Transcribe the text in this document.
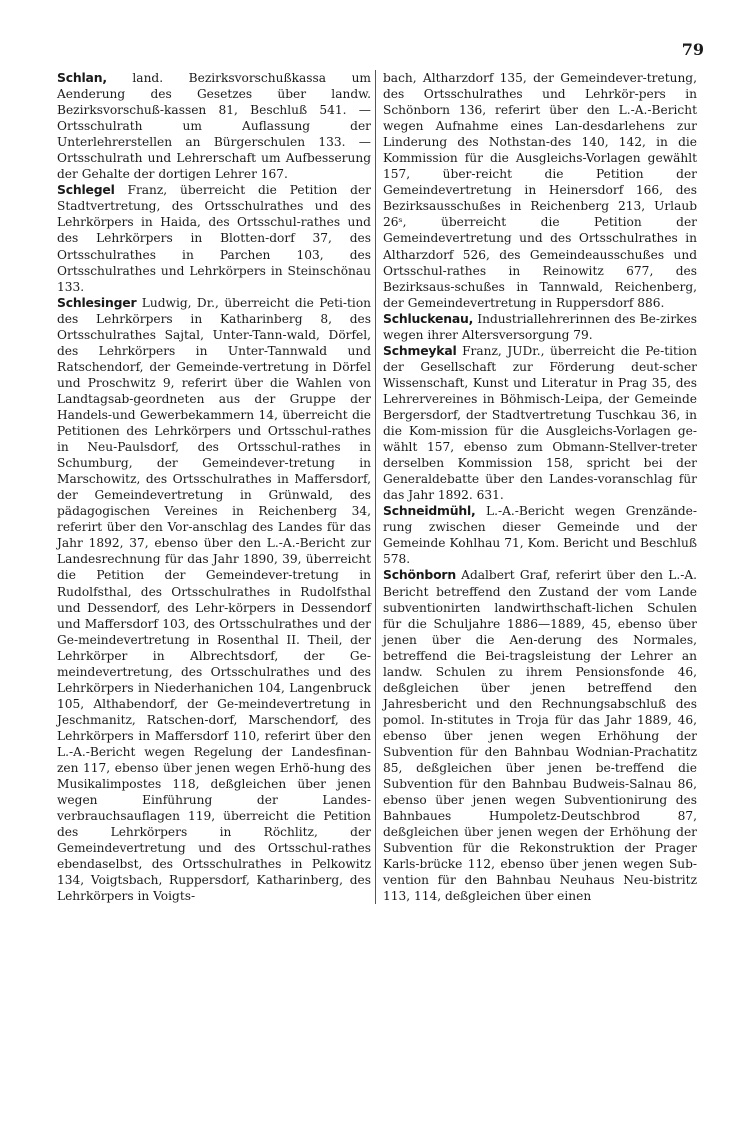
79

Schlan, land. Bezirksvorschußkassa um Aenderung des Gesetzes über landw. Bezirksvorschuß-kassen 81, Beschluß 541. — Ortsschulrath um Auflassung der Unterlehrerstellen an Bürgerschulen 133. — Ortsschulrath und Lehrerschaft um Aufbesserung der Gehalte der dortigen Lehrer 167.

Schlegel Franz, überreicht die Petition der Stadtvertretung, des Ortsschulrathes und des Lehrkörpers in Haida, des Ortsschul-rathes und des Lehrkörpers in Blotten-dorf 37, des Ortsschulrathes in Parchen 103, des Ortsschulrathes und Lehrkörpers in Steinschönau 133.

Schlesinger Ludwig, Dr., überreicht die Peti-tion des Lehrkörpers in Katharinberg 8, des Ortsschulrathes Sajtal, Unter-Tann-wald, Dörfel, des Lehrkörpers in Unter-Tannwald und Ratschendorf, der Gemeinde-vertretung in Dörfel und Proschwitz 9, referirt über die Wahlen von Landtagsab-geordneten aus der Gruppe der Handels-und Gewerbekammern 14, überreicht die Petitionen des Lehrkörpers und Ortsschul-rathes in Neu-Paulsdorf, des Ortsschul-rathes in Schumburg, der Gemeindever-tretung in Marschowitz, des Ortsschulrathes in Maffersdorf, der Gemeindevertretung in Grünwald, des pädagogischen Vereines in Reichenberg 34, referirt über den Vor-anschlag des Landes für das Jahr 1892, 37, ebenso über den L.-A.-Bericht zur Landesrechnung für das Jahr 1890, 39, überreicht die Petition der Gemeindever-tretung in Rudolfsthal, des Ortsschulrathes in Rudolfsthal und Dessendorf, des Lehr-körpers in Dessendorf und Maffersdorf 103, des Ortsschulrathes und der Ge-meindevertretung in Rosenthal II. Theil, der Lehrkörper in Albrechtsdorf, der Ge-meindevertretung, des Ortsschulrathes und des Lehrkörpers in Niederhanichen 104, Langenbruck 105, Althabendorf, der Ge-meindevertretung in Jeschmanitz, Ratschen-dorf, Marschendorf, des Lehrkörpers in Maffersdorf 110, referirt über den L.-A.-Bericht wegen Regelung der Landesfinan-zen 117, ebenso über jenen wegen Erhö-hung des Musikalimpostes 118, deßgleichen über jenen wegen Einführung der Landes-verbrauchsauflagen 119, überreicht die Petition des Lehrkörpers in Röchlitz, der Gemeindevertretung und des Ortsschul-rathes ebendaselbst, des Ortsschulrathes in Pelkowitz 134, Voigtsbach, Ruppersdorf, Katharinberg, des Lehrkörpers in Voigts-

bach, Altharzdorf 135, der Gemeindever-tretung, des Ortsschulrathes und Lehrkör-pers in Schönborn 136, referirt über den L.-A.-Bericht wegen Aufnahme eines Lan-desdarlehens zur Linderung des Nothstan-des 140, 142, in die Kommission für die Ausgleichs-Vorlagen gewählt 157, über-reicht die Petition der Gemeindevertretung in Heinersdorf 166, des Bezirksausschußes in Reichenberg 213, Urlaub 26ˢ, überreicht die Petition der Gemeindevertretung und des Ortsschulrathes in Altharzdorf 526, des Gemeindeausschußes und Ortsschul-rathes in Reinowitz 677, des Bezirksaus-schußes in Tannwald, Reichenberg, der Gemeindevertretung in Ruppersdorf 886.

Schluckenau, Industriallehrerinnen des Be-zirkes wegen ihrer Altersversorgung 79.

Schmeykal Franz, JUDr., überreicht die Pe-tition der Gesellschaft zur Förderung deut-scher Wissenschaft, Kunst und Literatur in Prag 35, des Lehrervereines in Böhmisch-Leipa, der Gemeinde Bergersdorf, der Stadtvertretung Tuschkau 36, in die Kom-mission für die Ausgleichs-Vorlagen ge-wählt 157, ebenso zum Obmann-Stellver-treter derselben Kommission 158, spricht bei der Generaldebatte über den Landes-voranschlag für das Jahr 1892. 631.

Schneidmühl, L.-A.-Bericht wegen Grenzände-rung zwischen dieser Gemeinde und der Gemeinde Kohlhau 71, Kom. Bericht und Beschluß 578.

Schönborn Adalbert Graf, referirt über den L.-A. Bericht betreffend den Zustand der vom Lande subventionirten landwirthschaft-lichen Schulen für die Schuljahre 1886—1889, 45, ebenso über jenen über die Aen-derung des Normales, betreffend die Bei-tragsleistung der Lehrer an landw. Schulen zu ihrem Pensionsfonde 46, deßgleichen über jenen betreffend den Jahresbericht und den Rechnungsabschluß des pomol. In-stitutes in Troja für das Jahr 1889, 46, ebenso über jenen wegen Erhöhung der Subvention für den Bahnbau Wodnian-Prachatitz 85, deßgleichen über jenen be-treffend die Subvention für den Bahnbau Budweis-Salnau 86, ebenso über jenen wegen Subventionirung des Bahnbaues Humpoletz-Deutschbrod 87, deßgleichen über jenen wegen der Erhöhung der Subvention für die Rekonstruktion der Prager Karls-brücke 112, ebenso über jenen wegen Sub-vention für den Bahnbau Neuhaus Neu-bistritz 113, 114, deßgleichen über einen
